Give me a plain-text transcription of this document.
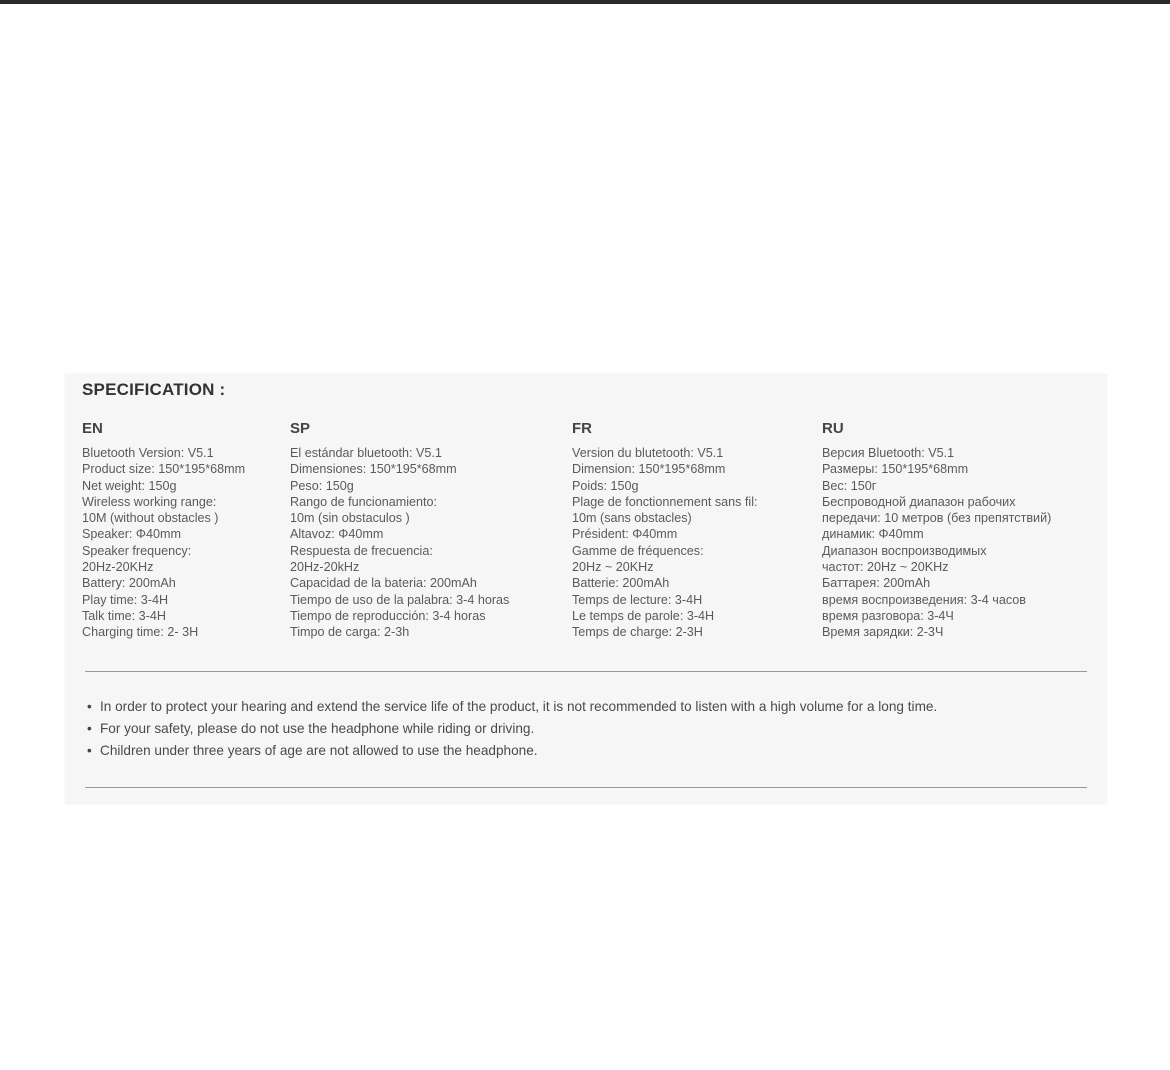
SPECIFICATION :
EN
Bluetooth Version: V5.1
Product size: 150*195*68mm
Net weight: 150g
Wireless working range:
10M (without obstacles )
Speaker: Φ40mm
Speaker frequency:
20Hz-20KHz
Battery: 200mAh
Play time: 3-4H
Talk time: 3-4H
Charging time: 2- 3H
SP
El estándar bluetooth: V5.1
Dimensiones: 150*195*68mm
Peso: 150g
Rango de funcionamiento:
10m (sin obstaculos )
Altavoz: Φ40mm
Respuesta de frecuencia:
20Hz-20kHz
Capacidad de la bateria: 200mAh
Tiempo de uso de la palabra: 3-4 horas
Tiempo de reproducción: 3-4 horas
Timpo de carga: 2-3h
FR
Version du blutetooth: V5.1
Dimension: 150*195*68mm
Poids: 150g
Plage de fonctionnement sans fil:
10m (sans obstacles)
Président: Φ40mm
Gamme de fréquences:
20Hz ~ 20KHz
Batterie: 200mAh
Temps de lecture: 3-4H
Le temps de parole: 3-4H
Temps de charge: 2-3H
RU
Версия Bluetooth: V5.1
Размеры: 150*195*68mm
Вес: 150г
Беспроводной диапазон рабочих
передачи: 10 метров (без препятствий)
динамик: Φ40mm
Диапазон воспроизводимых
частот: 20Hz ~ 20KHz
Баттарея: 200mAh
время воспроизведения: 3-4 часов
время разговора: 3-4Ч
Время зарядки: 2-3Ч
• In order to protect your hearing and extend the service life of the product, it is not recommended to listen with a high volume for a long time.
• For your safety, please do not use the headphone while riding or driving.
• Children under three years of age are not allowed to use the headphone.
